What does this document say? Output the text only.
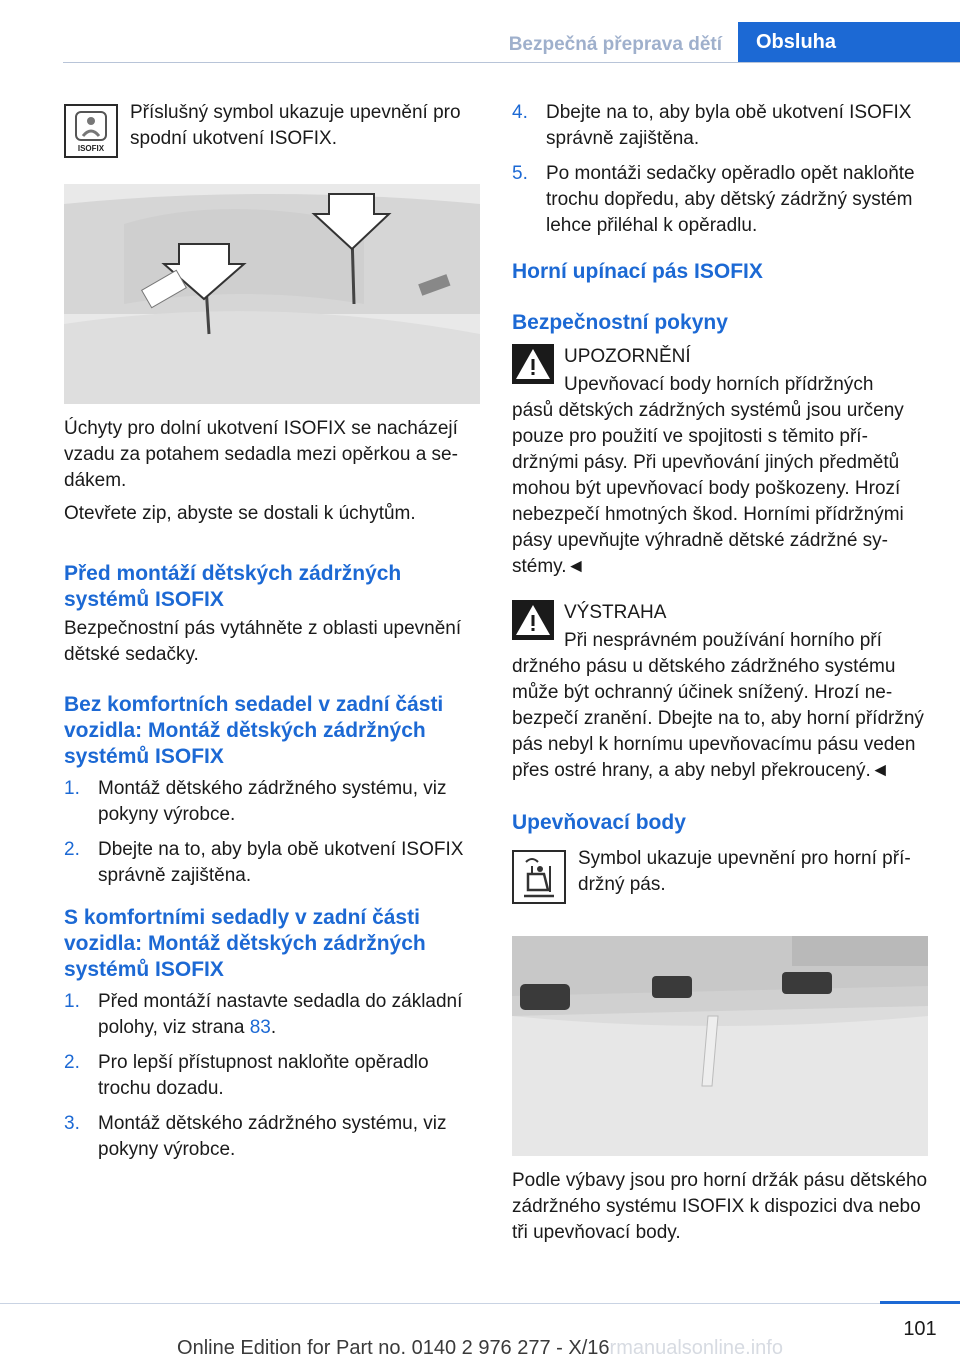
Bezpečná přeprava dětí	Obsluha
ISOFIX

Příslušný symbol ukazuje upevnění pro spodní ukotvení ISOFIX.

Úchyty pro dolní ukotvení ISOFIX se nacházejí vzadu za potahem sedadla mezi opěrkou a sedákem.

Otevřete zip, abyste se dostali k úchytům.

Před montáží dětských zádržných systémů ISOFIX

Bezpečnostní pás vytáhněte z oblasti upevnění dětské sedačky.

Bez komfortních sedadel v zadní části vozidla: Montáž dětských zádržných systémů ISOFIX
1. Montáž dětského zádržného systému, viz pokyny výrobce.
2. Dbejte na to, aby byla obě ukotvení ISOFIX správně zajištěna.
S komfortními sedadly v zadní části vozidla: Montáž dětských zádržných systémů ISOFIX
1. Před montáží nastavte sedadla do základní polohy, viz strana 83.
2. Pro lepší přístupnost nakloňte opěradlo trochu dozadu.
3. Montáž dětského zádržného systému, viz pokyny výrobce.
4. Dbejte na to, aby byla obě ukotvení ISOFIX správně zajištěna.
5. Po montáži sedačky opěradlo opět nakloňte trochu dopředu, aby dětský zádržný systém lehce přiléhal k opěradlu.
Horní upínací pás ISOFIX
Bezpečnostní pokyny

UPOZORNĚNÍ

Upevňovací body horních přídržných

pásů dětských zádržných systémů jsou určeny pouze pro použití ve spojitosti s těmito přídržnými pásy. Při upevňování jiných předmětů mohou být upevňovací body poškozeny. Hrozí nebezpečí hmotných škod. Horními přídržnými pásy upevňujte výhradně dětské zádržné systémy.◄

VÝSTRAHA

Při nesprávném používání horního pří

držného pásu u dětského zádržného systému může být ochranný účinek snížený. Hrozí nebezpečí zranění. Dbejte na to, aby horní přídržný pás nebyl k hornímu upevňovacímu pásu veden přes ostré hrany, a aby nebyl překroucený.◄

Upevňovací body

Symbol ukazuje upevnění pro horní přídržný pás.

Podle výbavy jsou pro horní držák pásu dětského zádržného systému ISOFIX k dispozici dva nebo tři upevňovací body.

101
Online Edition for Part no. 0140 2 976 277 - X/16rmanualsonline.info
